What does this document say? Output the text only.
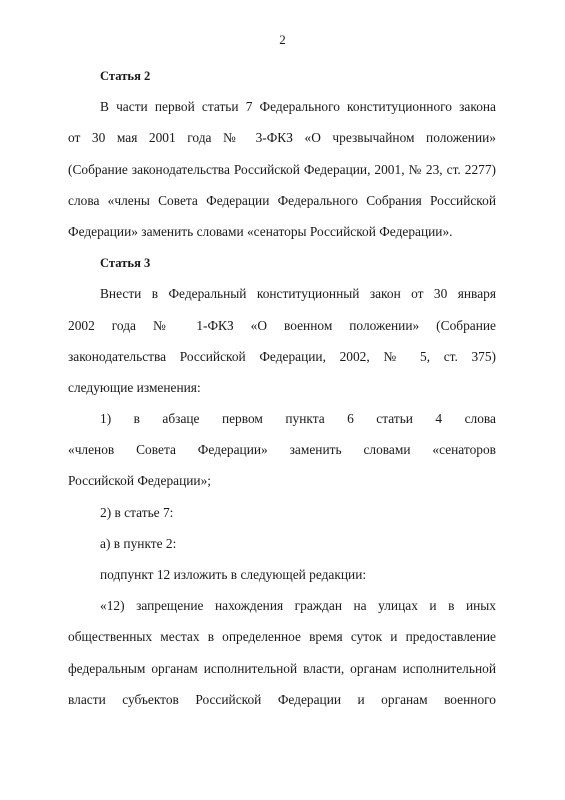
2
Статья 2
В части первой статьи 7 Федерального конституционного закона
от 30 мая 2001 года № 3-ФКЗ «О чрезвычайном положении»
(Собрание законодательства Российской Федерации, 2001, № 23, ст. 2277)
слова «члены Совета Федерации Федерального Собрания Российской
Федерации» заменить словами «сенаторы Российской Федерации».
Статья 3
Внести в Федеральный конституционный закон от 30 января
2002 года № 1-ФКЗ «О военном положении» (Собрание
законодательства Российской Федерации, 2002, № 5, ст. 375)
следующие изменения:
1) в абзаце первом пункта 6 статьи 4 слова
«членов Совета Федерации» заменить словами «сенаторов
Российской Федерации»;
2) в статье 7:
а) в пункте 2:
подпункт 12 изложить в следующей редакции:
«12) запрещение нахождения граждан на улицах и в иных
общественных местах в определенное время суток и предоставление
федеральным органам исполнительной власти, органам исполнительной
власти субъектов Российской Федерации и органам военного
